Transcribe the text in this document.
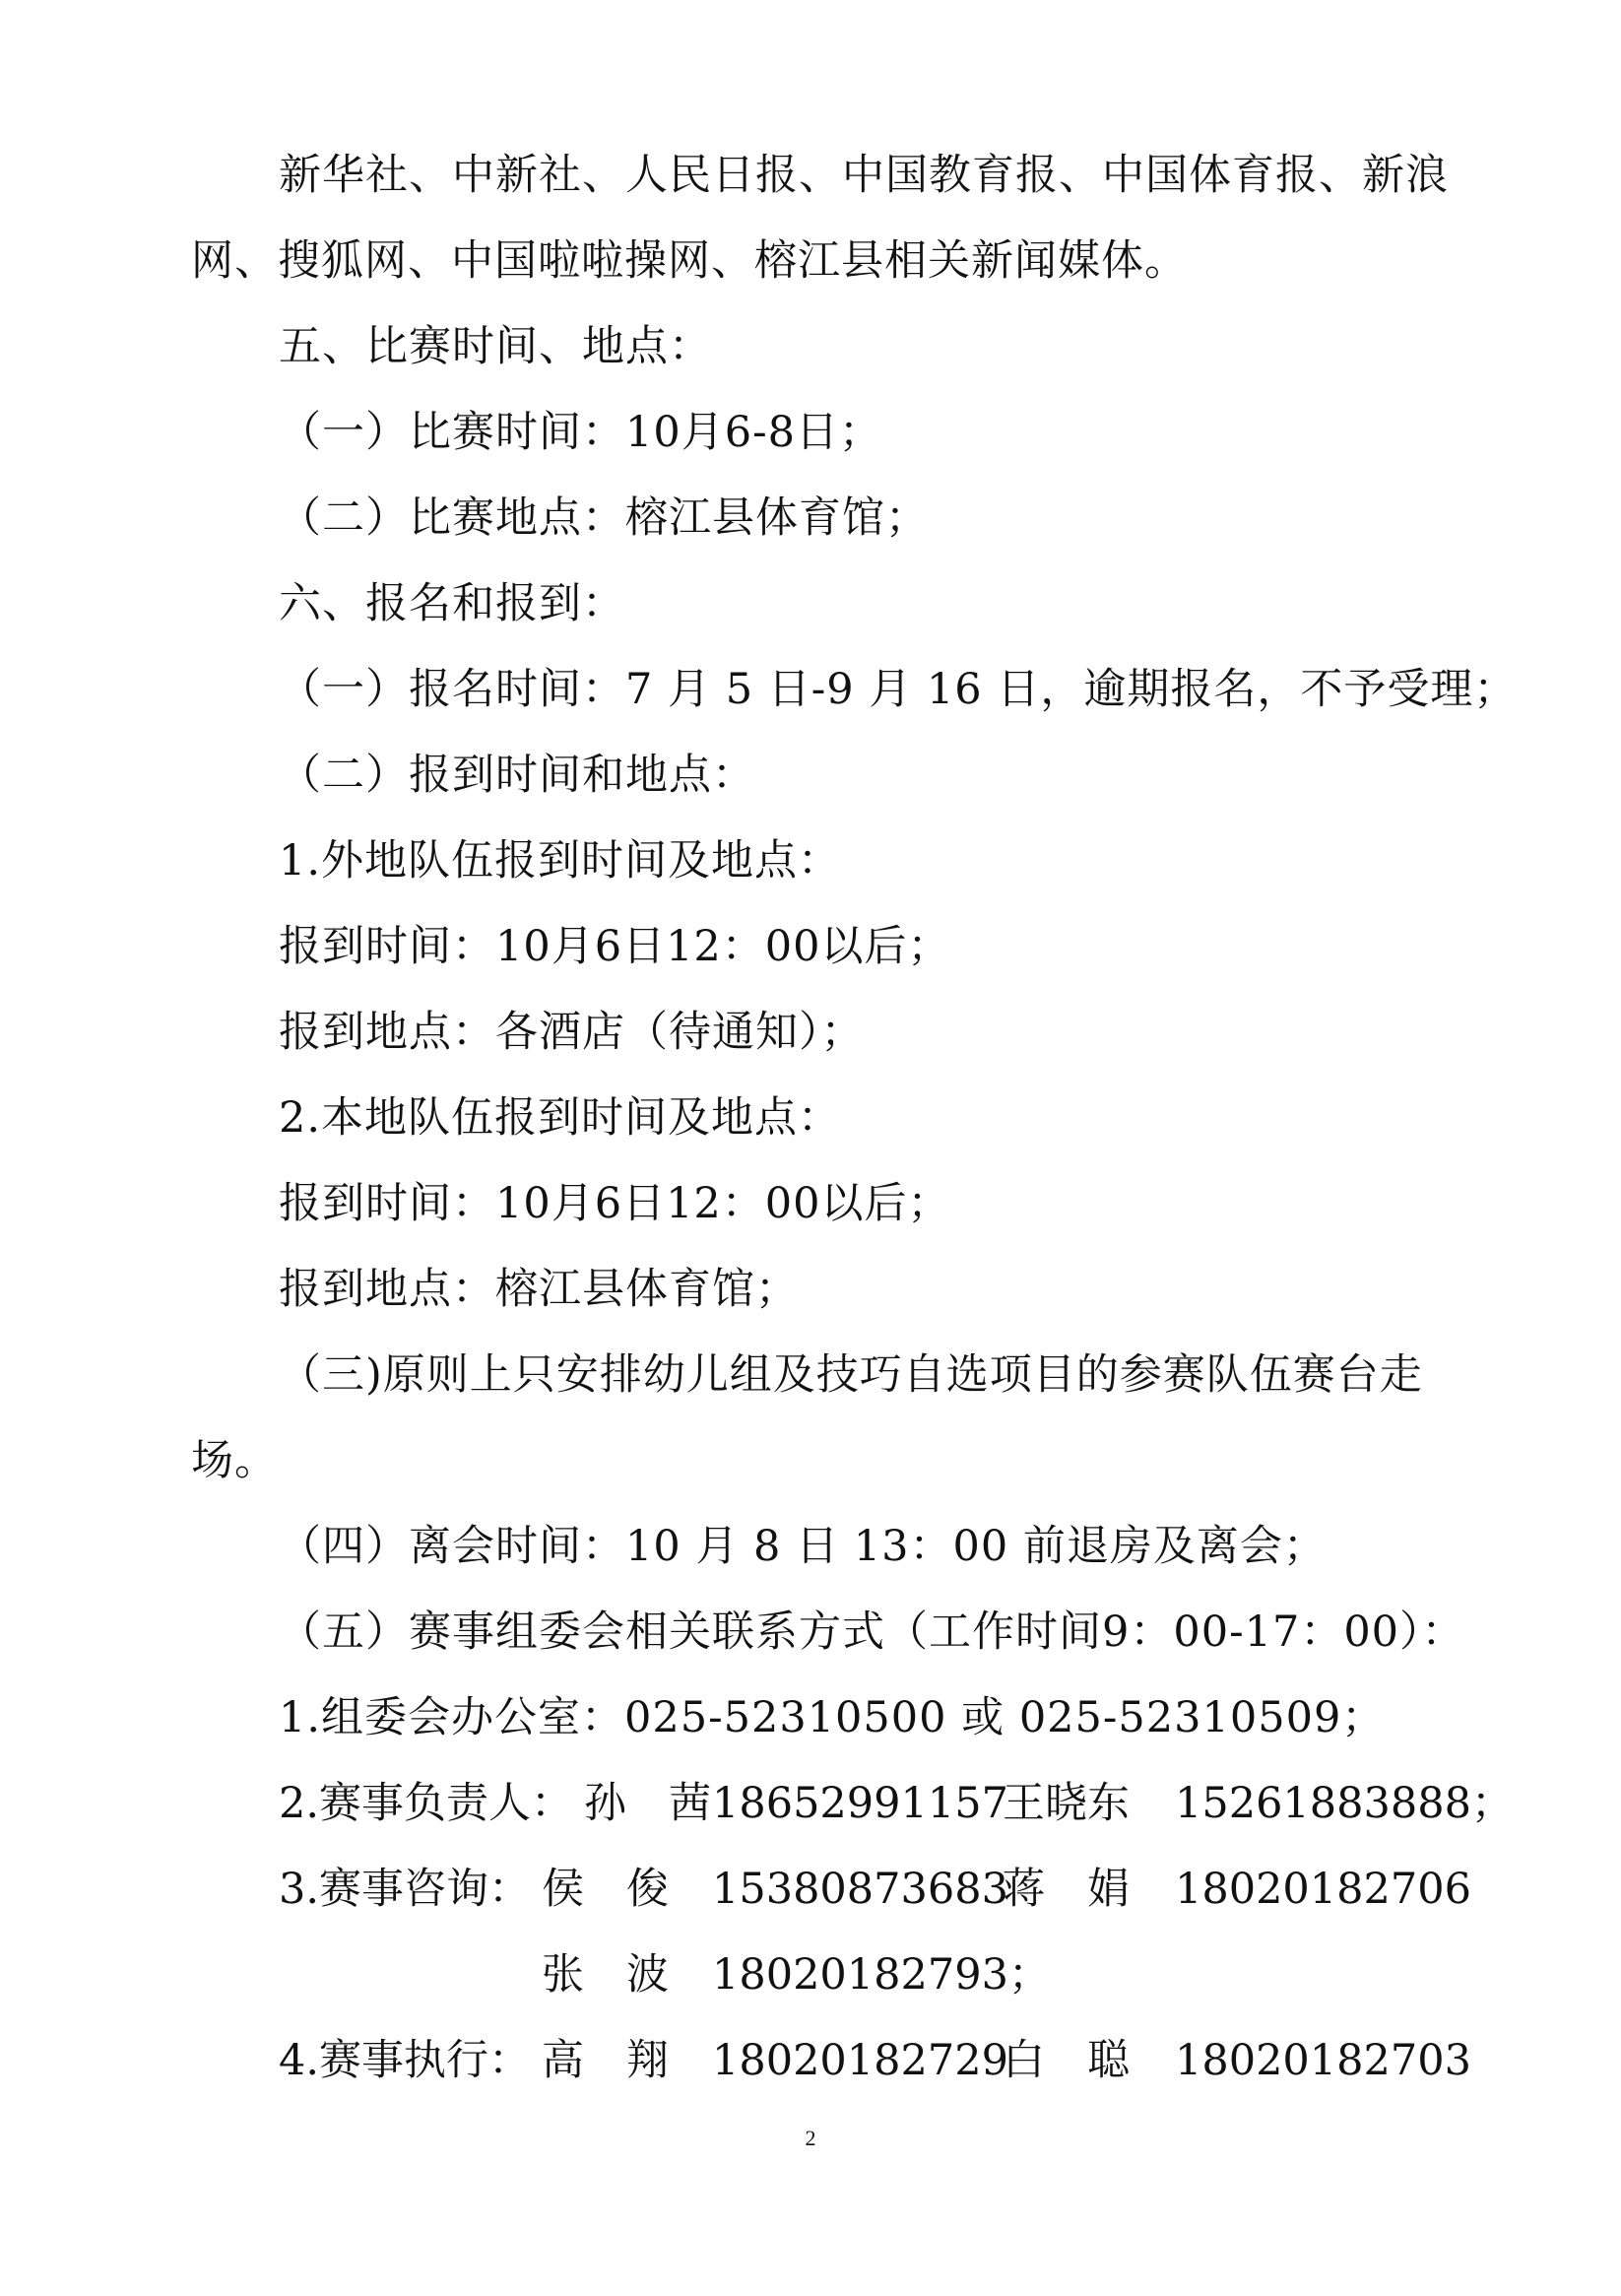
新华社、中新社、人民日报、中国教育报、中国体育报、新浪
网、搜狐网、中国啦啦操网、榕江县相关新闻媒体。
五、比赛时间、地点：
（一）比赛时间：10月6-8日；
（二）比赛地点：榕江县体育馆；
六、报名和报到：
（一）报名时间：7 月 5 日-9 月 16 日，逾期报名，不予受理；
（二）报到时间和地点：
1.外地队伍报到时间及地点：
报到时间：10月6日12：00以后；
报到地点：各酒店（待通知）；
2.本地队伍报到时间及地点：
报到时间：10月6日12：00以后；
报到地点：榕江县体育馆；
（三)原则上只安排幼儿组及技巧自选项目的参赛队伍赛台走
场。
（四）离会时间：10 月 8 日 13：00 前退房及离会；
（五）赛事组委会相关联系方式（工作时间9：00-17：00）：
1.组委会办公室：025-52310500 或 025-52310509；
2.赛事负责人： 孙　茜 18652991157
王晓东 15261883888；
3.赛事咨询： 侯　俊 15380873683
蒋　娟 18020182706
张　波 18020182793；
4.赛事执行： 高　翔 18020182729
白　聪 18020182703
2
